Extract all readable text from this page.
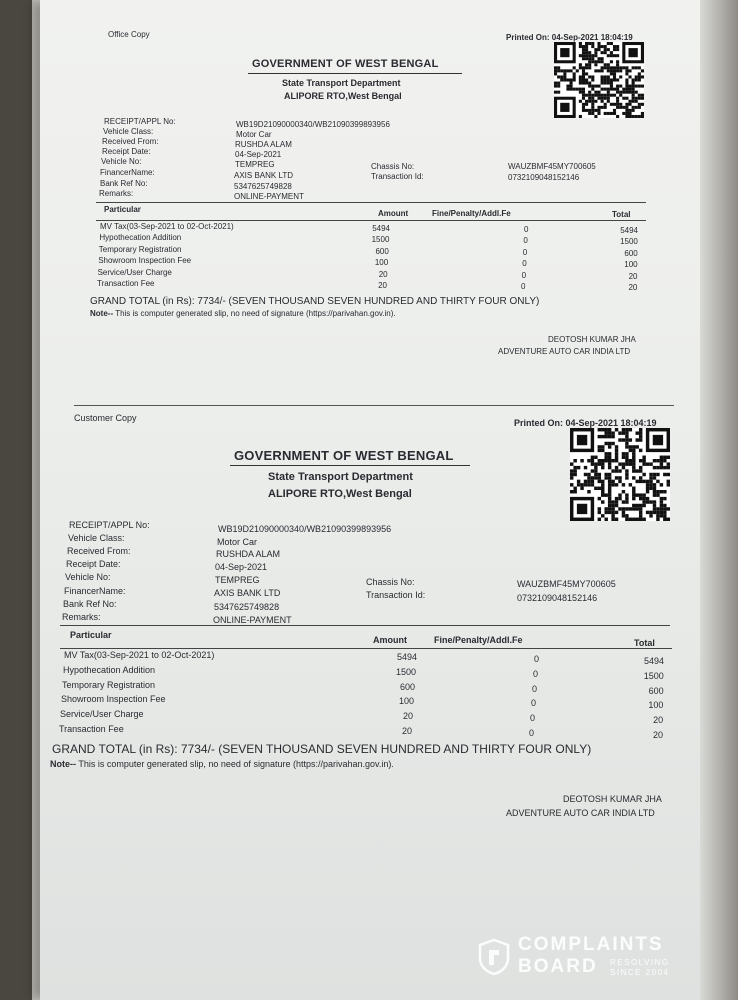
Office Copy	Printed On: 04-Sep-2021 18:04:19
GOVERNMENT OF WEST BENGAL
State Transport Department
ALIPORE RTO,West Bengal
RECEIPT/APPL No:	WB19D21090000340/WB21090399893956
Vehicle Class:	Motor Car
Received From:	RUSHDA ALAM
Receipt Date:	04-Sep-2021
Vehicle No:	TEMPREG
FinancerName:	AXIS BANK LTD
Bank Ref No:	5347625749828
Remarks:	ONLINE-PAYMENT
Chassis No:	WAUZBMF45MY700605
Transaction Id:	0732109048152146
Particular	Amount	Fine/Penalty/Addl.Fe	Total
MV Tax(03-Sep-2021 to 02-Oct-2021)	5494	0	5494
Hypothecation Addition	1500	0	1500
Temporary Registration	600	0	600
Showroom Inspection Fee	100	0	100
Service/User Charge	20	0	20
Transaction Fee	20	0	20
GRAND TOTAL (in Rs): 7734/- (SEVEN THOUSAND SEVEN HUNDRED AND THIRTY FOUR ONLY)
Note-- This is computer generated slip, no need of signature (https://parivahan.gov.in).
DEOTOSH KUMAR JHA
ADVENTURE AUTO CAR INDIA LTD
Customer Copy	Printed On: 04-Sep-2021 18:04:19
GOVERNMENT OF WEST BENGAL
State Transport Department
ALIPORE RTO,West Bengal
RECEIPT/APPL No:	WB19D21090000340/WB21090399893956
Vehicle Class:	Motor Car
Received From:	RUSHDA ALAM
Receipt Date:	04-Sep-2021
Vehicle No:	TEMPREG
FinancerName:	AXIS BANK LTD
Bank Ref No:	5347625749828
Remarks:	ONLINE-PAYMENT
Chassis No:	WAUZBMF45MY700605
Transaction Id:	0732109048152146
Particular	Amount	Fine/Penalty/Addl.Fe	Total
MV Tax(03-Sep-2021 to 02-Oct-2021)	5494	0	5494
Hypothecation Addition	1500	0	1500
Temporary Registration	600	0	600
Showroom Inspection Fee	100	0	100
Service/User Charge	20	0	20
Transaction Fee	20	0	20
GRAND TOTAL (in Rs): 7734/- (SEVEN THOUSAND SEVEN HUNDRED AND THIRTY FOUR ONLY)
Note-- This is computer generated slip, no need of signature (https://parivahan.gov.in).
DEOTOSH KUMAR JHA
ADVENTURE AUTO CAR INDIA LTD
COMPLAINTS
BOARD RESOLVING
SINCE 2004
